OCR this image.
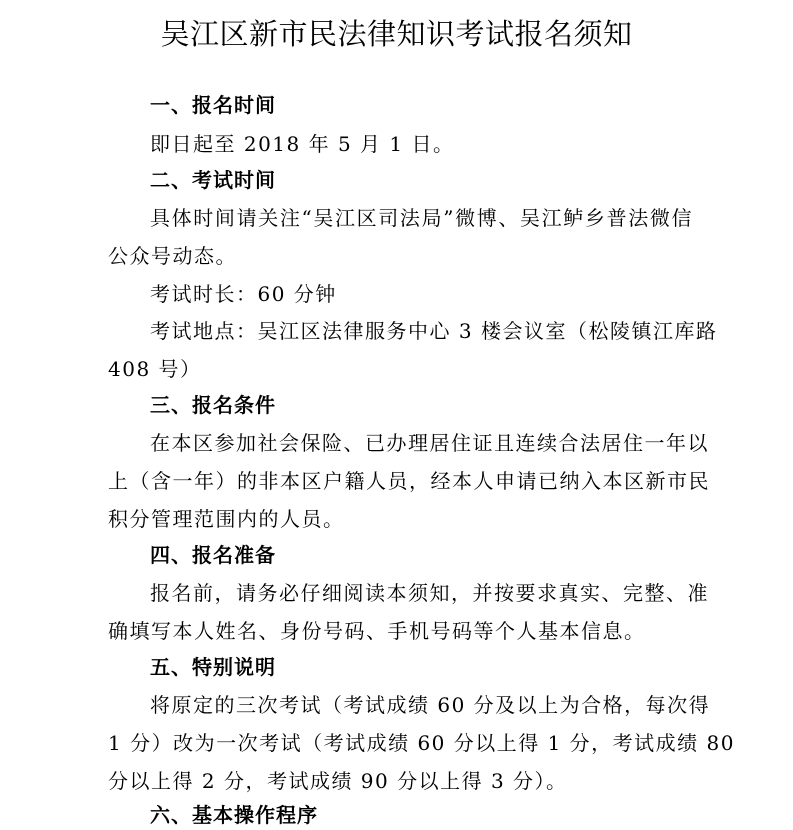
吴江区新市民法律知识考试报名须知
一、报名时间
即日起至 2018 年 5 月 1 日。
二、考试时间
具体时间请关注“吴江区司法局”微博、吴江鲈乡普法微信
公众号动态。
考试时长：60 分钟
考试地点：吴江区法律服务中心 3 楼会议室（松陵镇江库路
408 号）
三、报名条件
在本区参加社会保险、已办理居住证且连续合法居住一年以
上（含一年）的非本区户籍人员，经本人申请已纳入本区新市民
积分管理范围内的人员。
四、报名准备
报名前，请务必仔细阅读本须知，并按要求真实、完整、准
确填写本人姓名、身份号码、手机号码等个人基本信息。
五、特别说明
将原定的三次考试（考试成绩 60 分及以上为合格，每次得
1 分）改为一次考试（考试成绩 60 分以上得 1 分，考试成绩 80
分以上得 2 分，考试成绩 90 分以上得 3 分）。
六、基本操作程序
